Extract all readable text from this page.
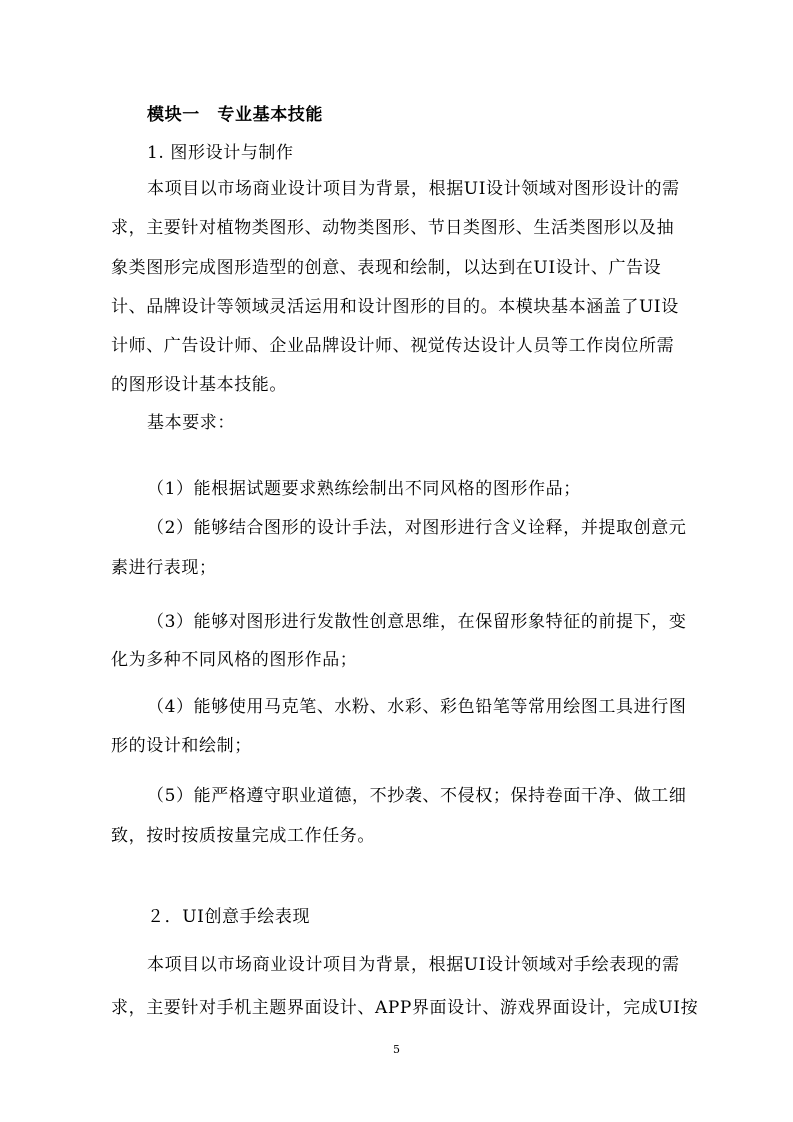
模块一　专业基本技能
1. 图形设计与制作
本项目以市场商业设计项目为背景，根据UI设计领域对图形设计的需
求，主要针对植物类图形、动物类图形、节日类图形、生活类图形以及抽
象类图形完成图形造型的创意、表现和绘制，以达到在UI设计、广告设
计、品牌设计等领域灵活运用和设计图形的目的。本模块基本涵盖了UI设
计师、广告设计师、企业品牌设计师、视觉传达设计人员等工作岗位所需
的图形设计基本技能。
基本要求：
（1）能根据试题要求熟练绘制出不同风格的图形作品；
（2）能够结合图形的设计手法，对图形进行含义诠释，并提取创意元
素进行表现；
（3）能够对图形进行发散性创意思维，在保留形象特征的前提下，变
化为多种不同风格的图形作品；
（4）能够使用马克笔、水粉、水彩、彩色铅笔等常用绘图工具进行图
形的设计和绘制；
（5）能严格遵守职业道德，不抄袭、不侵权；保持卷面干净、做工细
致，按时按质按量完成工作任务。
２．UI创意手绘表现
本项目以市场商业设计项目为背景，根据UI设计领域对手绘表现的需
求，主要针对手机主题界面设计、APP界面设计、游戏界面设计，完成UI按
5
